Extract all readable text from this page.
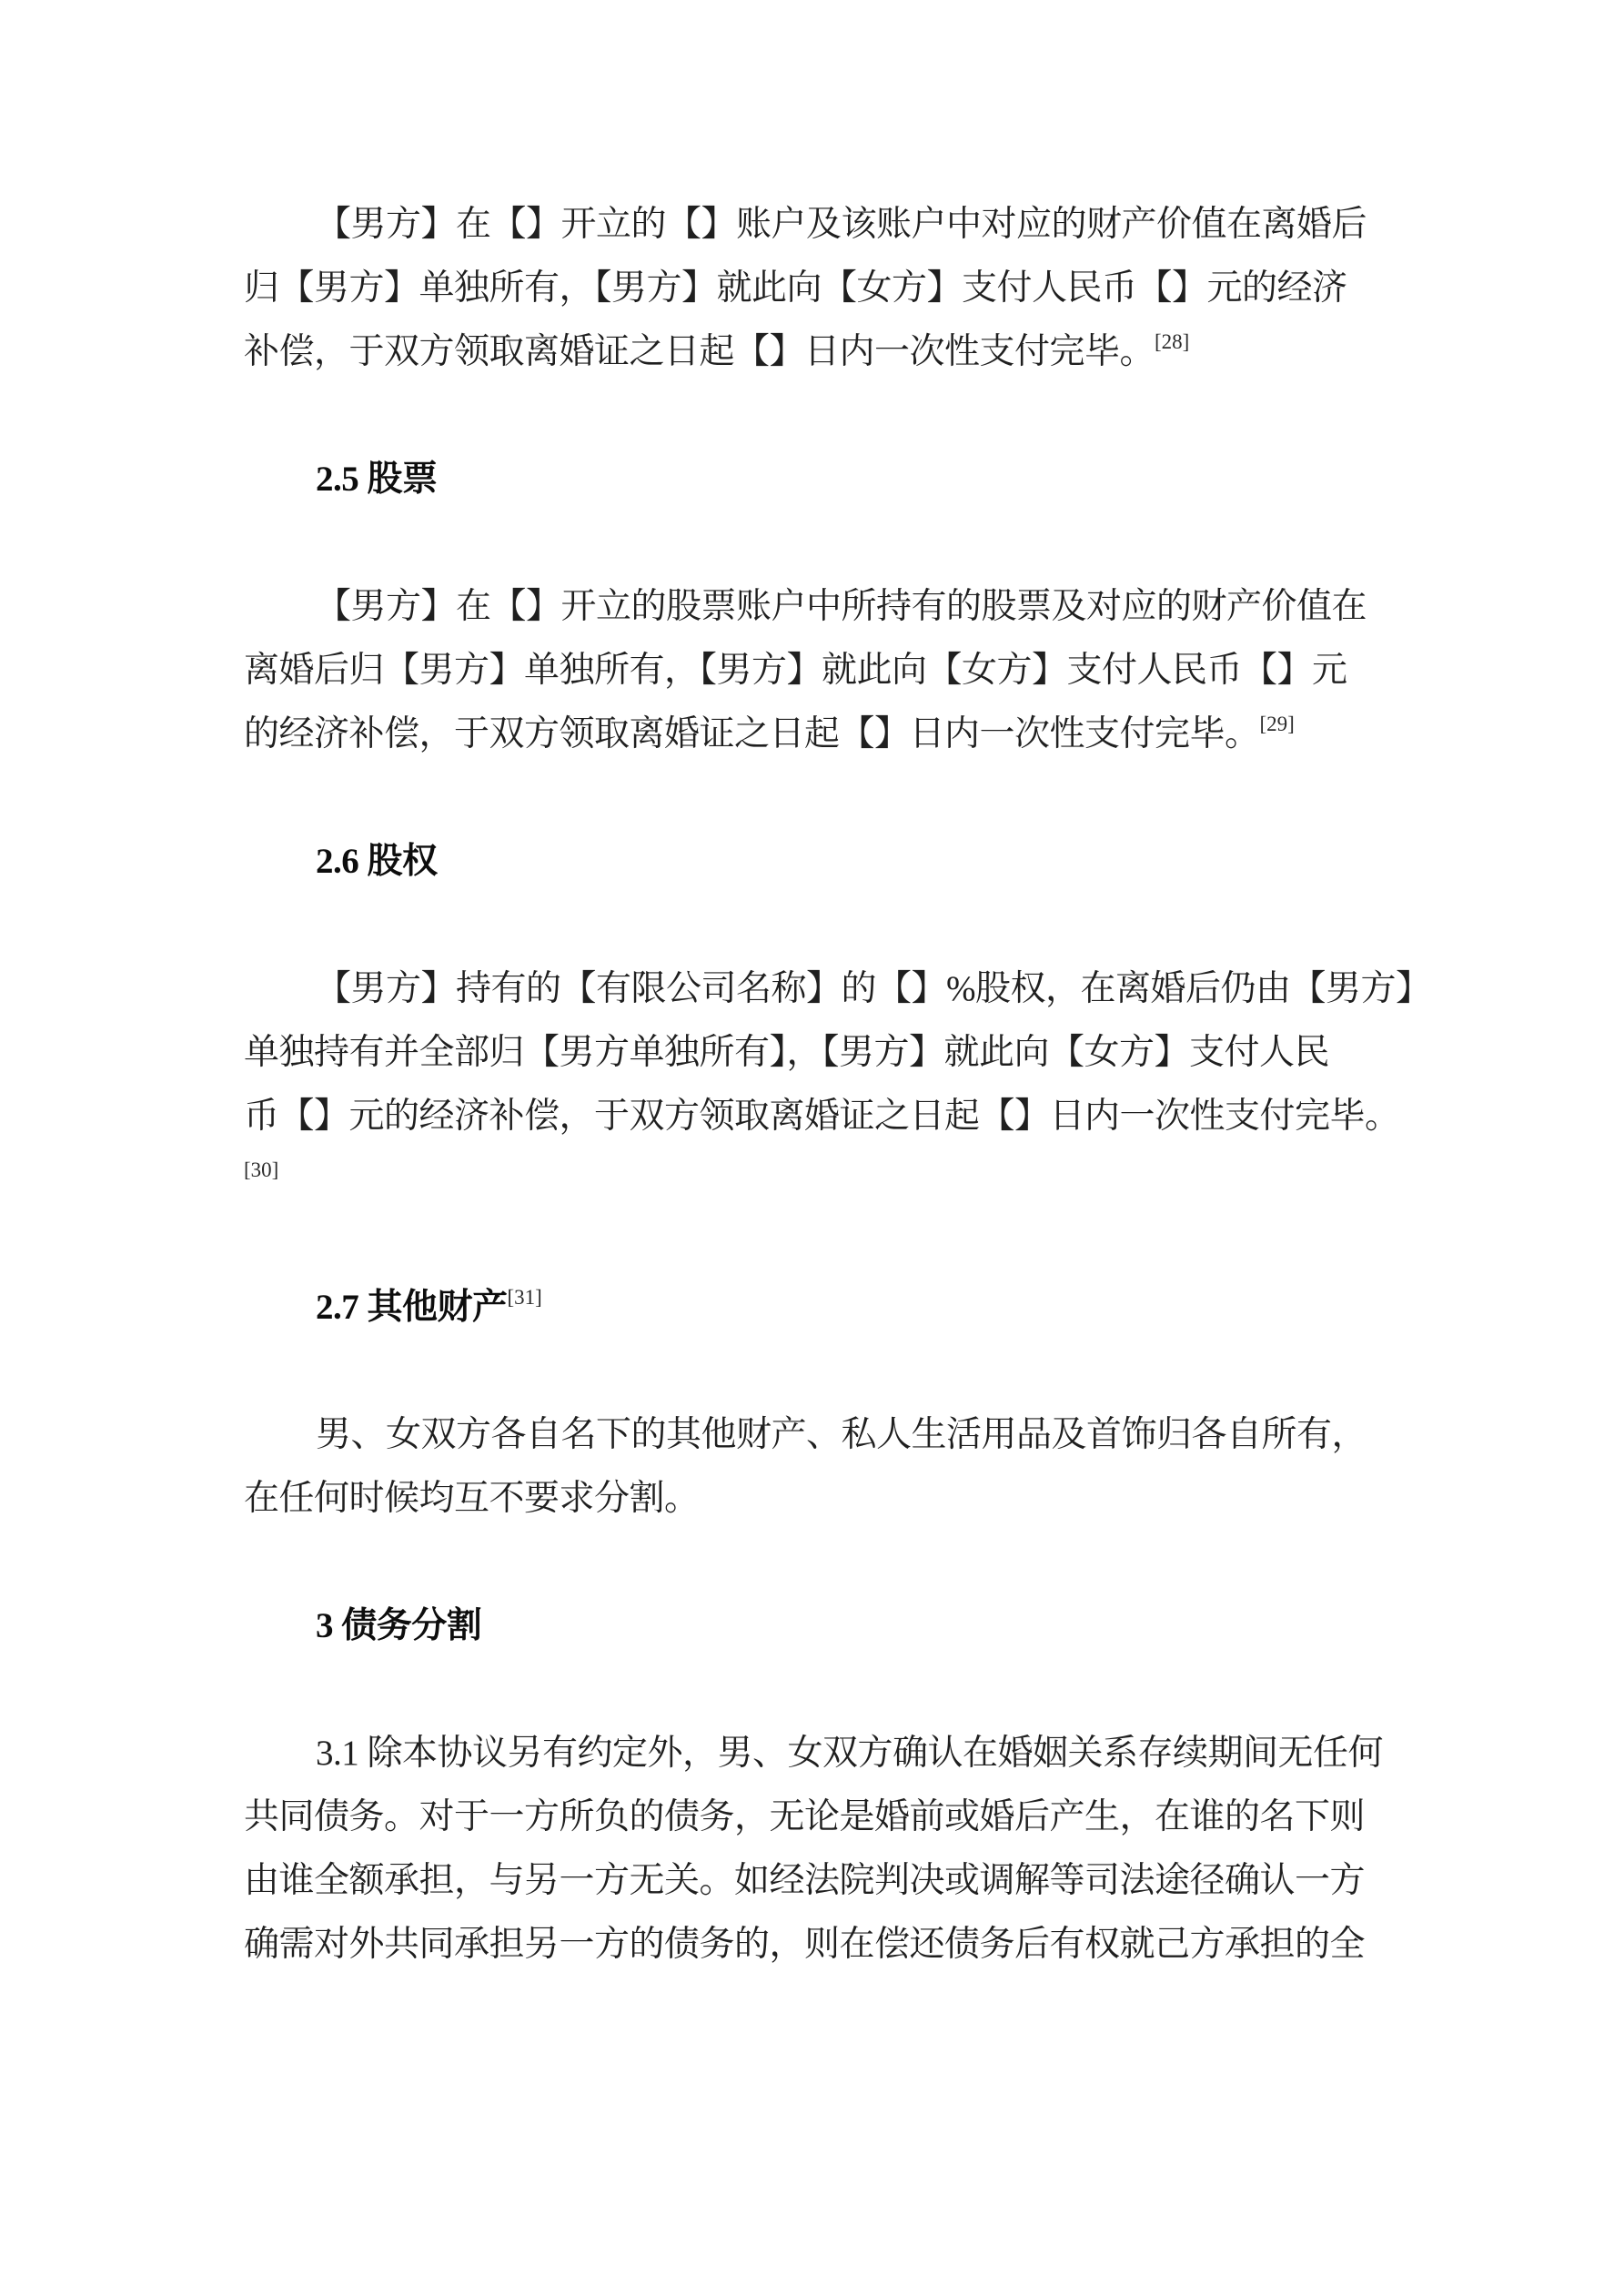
【男方】在【】开立的【】账户及该账户中对应的财产价值在离婚后
归【男方】单独所有，【男方】就此向【女方】支付人民币【】元的经济
补偿，于双方领取离婚证之日起【】日内一次性支付完毕。[28]
2.5 股票
【男方】在【】开立的股票账户中所持有的股票及对应的财产价值在
离婚后归【男方】单独所有，【男方】就此向【女方】支付人民币【】元
的经济补偿，于双方领取离婚证之日起【】日内一次性支付完毕。[29]
2.6 股权
【男方】持有的【有限公司名称】的【】%股权，在离婚后仍由【男方】
单独持有并全部归【男方单独所有】，【男方】就此向【女方】支付人民
币【】元的经济补偿，于双方领取离婚证之日起【】日内一次性支付完毕。
[30]
2.7 其他财产[31]
男、女双方各自名下的其他财产、私人生活用品及首饰归各自所有，
在任何时候均互不要求分割。
3 债务分割
3.1 除本协议另有约定外，男、女双方确认在婚姻关系存续期间无任何
共同债务。对于一方所负的债务，无论是婚前或婚后产生，在谁的名下则
由谁全额承担，与另一方无关。如经法院判决或调解等司法途径确认一方
确需对外共同承担另一方的债务的，则在偿还债务后有权就己方承担的全
